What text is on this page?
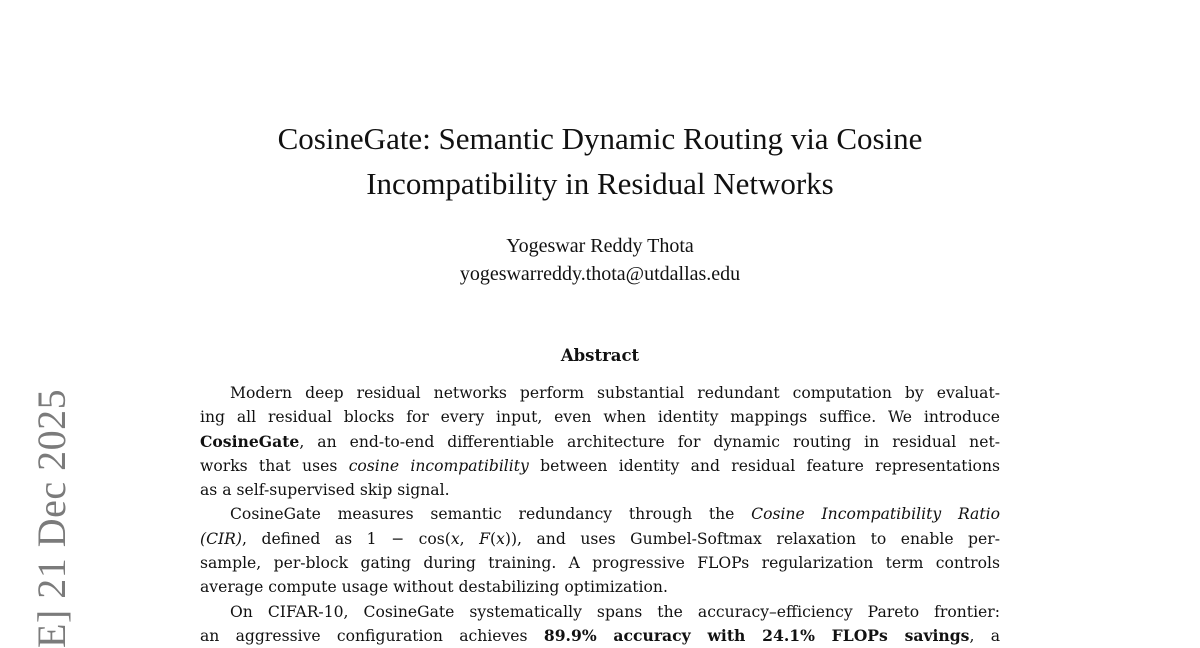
E] 21 Dec 2025
CosineGate: Semantic Dynamic Routing via Cosine
Incompatibility in Residual Networks
Yogeswar Reddy Thota
yogeswarreddy.thota@utdallas.edu
Abstract
Modern deep residual networks perform substantial redundant computation by evaluat-
ing all residual blocks for every input, even when identity mappings suffice. We introduce
CosineGate, an end-to-end differentiable architecture for dynamic routing in residual net-
works that uses cosine incompatibility between identity and residual feature representations
as a self-supervised skip signal.
CosineGate measures semantic redundancy through the Cosine Incompatibility Ratio
(CIR), defined as 1 − cos(x, F(x)), and uses Gumbel-Softmax relaxation to enable per-
sample, per-block gating during training. A progressive FLOPs regularization term controls
average compute usage without destabilizing optimization.
On CIFAR-10, CosineGate systematically spans the accuracy–efficiency Pareto frontier:
an aggressive configuration achieves 89.9% accuracy with 24.1% FLOPs savings, a
